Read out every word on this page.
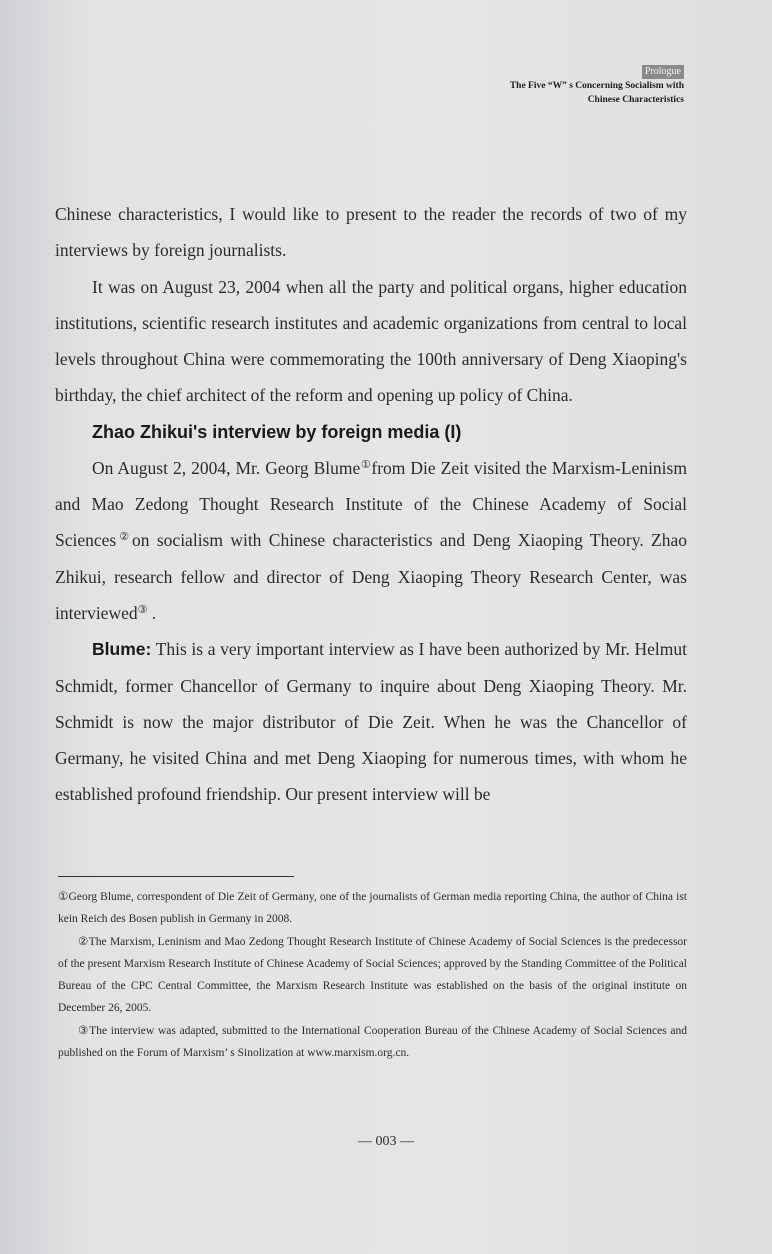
Prologue
The Five “W” s Concerning Socialism with
Chinese Characteristics

Chinese characteristics, I would like to present to the reader the records of two of my interviews by foreign journalists.

It was on August 23, 2004 when all the party and political organs, higher education institutions, scientific research institutes and academic organizations from central to local levels throughout China were commemorating the 100th anniversary of Deng Xiaoping's birthday, the chief architect of the reform and opening up policy of China.

Zhao Zhikui's interview by foreign media (I)

On August 2, 2004, Mr. Georg Blume①from Die Zeit visited the Marxism-Leninism and Mao Zedong Thought Research Institute of the Chinese Academy of Social Sciences②on socialism with Chinese characteristics and Deng Xiaoping Theory. Zhao Zhikui, research fellow and director of Deng Xiaoping Theory Research Center, was interviewed③ .

Blume: This is a very important interview as I have been authorized by Mr. Helmut Schmidt, former Chancellor of Germany to inquire about Deng Xiaoping Theory. Mr. Schmidt is now the major distributor of Die Zeit. When he was the Chancellor of Germany, he visited China and met Deng Xiaoping for numerous times, with whom he established profound friendship. Our present interview will be

①Georg Blume, correspondent of Die Zeit of Germany, one of the journalists of German media reporting China, the author of China ist kein Reich des Bosen publish in Germany in 2008.

②The Marxism, Leninism and Mao Zedong Thought Research Institute of Chinese Academy of Social Sciences is the predecessor of the present Marxism Research Institute of Chinese Academy of Social Sciences; approved by the Standing Committee of the Political Bureau of the CPC Central Committee, the Marxism Research Institute was established on the basis of the original institute on December 26, 2005.

③The interview was adapted, submitted to the International Cooperation Bureau of the Chinese Academy of Social Sciences and published on the Forum of Marxism’ s Sinolization at www.marxism.org.cn.

— 003 —
